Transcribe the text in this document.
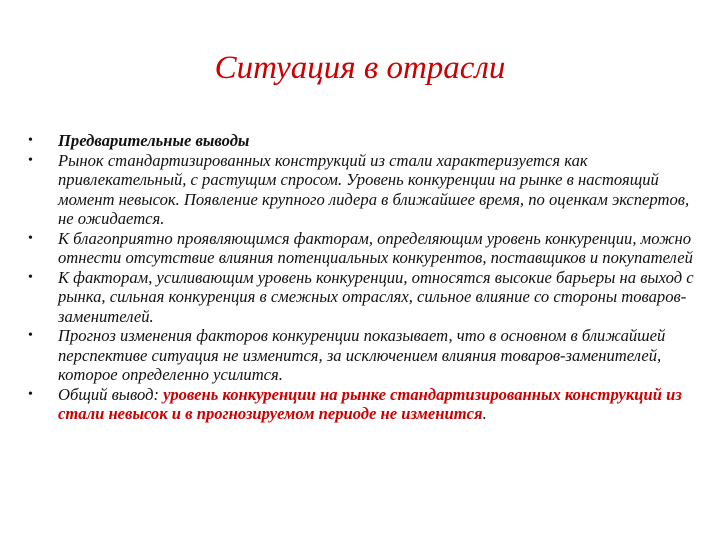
Ситуация в отрасли
• Предварительные выводы
• Рынок стандартизированных конструкций из стали характеризуется как привлекательный, с растущим спросом. Уровень конкуренции на рынке в настоящий момент невысок. Появление крупного лидера в ближайшее время, по оценкам экспертов, не ожидается.
• К благоприятно проявляющимся факторам, определяющим уровень конкуренции, можно отнести отсутствие влияния потенциальных конкурентов, поставщиков и покупателей
• К факторам, усиливающим уровень конкуренции, относятся высокие барьеры на выход с рынка, сильная конкуренция в смежных отраслях, сильное влияние со стороны товаров-заменителей.
• Прогноз изменения факторов конкуренции показывает, что в основном в ближайшей перспективе ситуация не изменится, за исключением влияния товаров-заменителей, которое определенно усилится.
• Общий вывод: уровень конкуренции на рынке стандартизированных конструкций из стали невысок и в прогнозируемом периоде не изменится.
